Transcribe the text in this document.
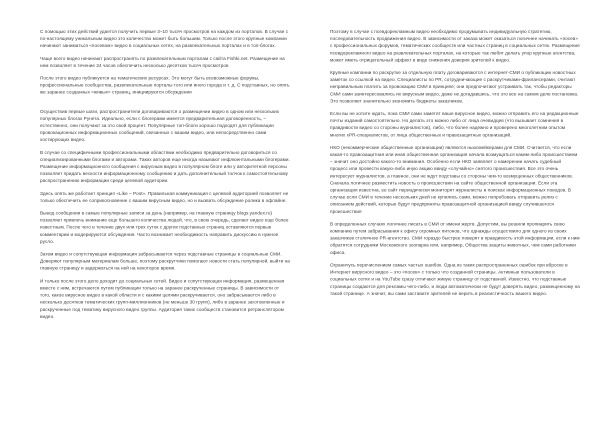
С помощью этих действий удается получить первые 3–10 тысяч просмотров на каждом из порталов. В случае с по-настоящему уникальным видео это количество может быть большим. Только после этого крупные компании начинают заниматься «посевом» видео в социальных сетях, на развлекательных порталах и в топ-блогах.

Чаще всего видео начинают распространять по развлекательным порталам с сайта Fishki.net. Размещение на нем позволяет в течение 24 часов обеспечить несколько десятков тысяч просмотров

После этого видео публикуется на тематических ресурсах. Это могут быть всевозможные форумы, профессиональные сообщества, развлекательные порталы того или иного города и т. д. С подставных, но опять же заранее созданных «живых» страниц, инициируются обсуждения

Осуществив первые шаги, распространители договариваются о размещении видео в одном или нескольких популярных блогах Рунета. Идеально, если с блогерами имеется предварительная договоренность, – естественно, они получают за это свой процент. Популярные топ-блоги хорошо подходят для публикации провокационных информационных сообщений, связанных с вашим видео, или непосредственно сами хостирующих видео.

В случае со специфичными профессиональными областями необходимо предварительно договориться со специализированными блогами и авторами. Таких авторов еще иногда называют инфлюентальными блогерами. Размещение информационного сообщения с вирусным видео в популярном блоге или у авторитетной персоны позволяет придать вескости информационному сообщению и дать дополнительный толчок к самостоятельному распространению информации среди целевой аудитории.

Здесь опять же работает принцип «Like – Post». Правильная коммуникация с целевой аудиторией позволяет не только обеспечить ее соприкосновение с вашим вирусным видео, но и вызвать обсуждение ролика в офлайне.

Вывод сообщения в самые популярные записи за день (например, на главную страницу blogs.yandex.ru) позволяет привлечь внимание еще большего количества людей, что, в свою очередь, сделает видео еще более известным. После чего в течение двух или трех суток с других подставных страниц оставляются первые комментарии и модерируются обсуждения. Часто возникает необходимость направить дискуссию в нужное русло.

Затем видео и сопутствующая информация забрасываются через подставные страницы в социальные СМИ. Доверяют популярным материалам больше, поэтому раскрутчики помогают новости стать популярной, выйти на главную страницу и задержаться на ней на некоторое время.

И только после этого дело доходит до социальных сетей. Видео и сопутствующая информация, размещенная вместе с ним, встречаются путем публикации только на заранее раскрученные страницы. В зависимости от того, какое вирусное видео в какой области и с какими целями раскручивается, оно забрасывается либо в несколько десятков тематических групп-миллионников (не меньше 30 групп), либо в заранее заготовленные и раскрученные под тематику вирусного видео группы. Аудитория таких сообществ становится ретранслятором видео.

Поэтому в случае с псевдорекламным видео необходимо продумывать индивидуальную стратегию, последовательность продвижения видео. В зависимости от заказа может оказаться логичнее начинать «посев» с профессиональных форумов, тематических сообществ или частных страниц в социальных сетях. Размещение псевдорекламного видео на развлекательных порталах, на которые так любят делать упор крупные агентства, может иметь отрицательный эффект в виде снижения доверия зрителей к видео.

Крупные компании по раскрутке за отдельную плату договариваются с интернет-СМИ о публикации новостных заметок со ссылкой на видео. Специалисты по PR, сотрудничающие с раскрутчиками-фрилансерами, считают неправильным платить за провокацию СМИ в принципе; они предпочитают устраивать так, чтобы редакторы СМИ сами заинтересовались их вирусным видео, даже не догадавшись, что это все на самом деле постановка. Это позволяет значительно экономить бюджеты заказчиков.

Если вы не хотите ждать, пока СМИ сами заметят ваше вирусное видео, можно отправить его на редакционные почты изданий самостоятельно. Но делать это можно либо от лица очевидцев (что вызывает сомнения в правдивости видео со стороны журналистов), либо, что более надежно и проверено многолетним опытом многих xPR-специалистов, от лица общественных и правозащитных организаций.

НКО (некоммерческие общественные организации) являются ньюсмейкерами для СМИ. Считается, что если какая-то правозащитная или иная общественная организация начала возмущаться каким-либо происшествием – значит оно достойно какого-то внимания. Особенно если НКО заявляет о намерении начать судебный процесс или провести какую-либо иную акцию ввиду «случайно» снятого происшествия. Все это очень интересует журналистов, а главное, они не ждут подставы со стороны чем-то возмущенных общественников.

Сначала логичнее разместить новость о происшествии на сайте общественной организации. Если эта организация известна, ее сайт периодически мониторят журналисты в поисках информационных поводов. В случае если СМИ в течение нескольких дней не купились сами, можно попробовать отправить релиз с описанием действий, которые будут предприняты правозащитной организацией ввиду случившегося происшествия

В определенных случаях логичнее писать в СМИ от имени жертв. Допустим, вы решили пропиарить свою компанию путем забрасывания к офису огромных питонов, что однажды осуществило для одного из своих заказчиков столичное PR-агентство. СМИ гораздо быстрее поверят в правдивость этой информации, если к ним обратятся сотрудники Московского зоопарка или, например, Общества защиты животных, чем сами работники офиса.

Ограничусь перечислением самых частых ошибок. Одна из таких распространенных ошибок при вброске в Интернет вирусного видео – это «посев» с только что созданной страницы. Активные пользователи в социальных сетях и на YouTube сразу отличают живую страницу от подставной. Известно, что подставные страницы создаются для рекламы чего-либо, и люди автоматически не будут доверять видео, размещенному на такой странице. А значит, вы сами заставите зрителей не верить в реалистичность вашего видео.
